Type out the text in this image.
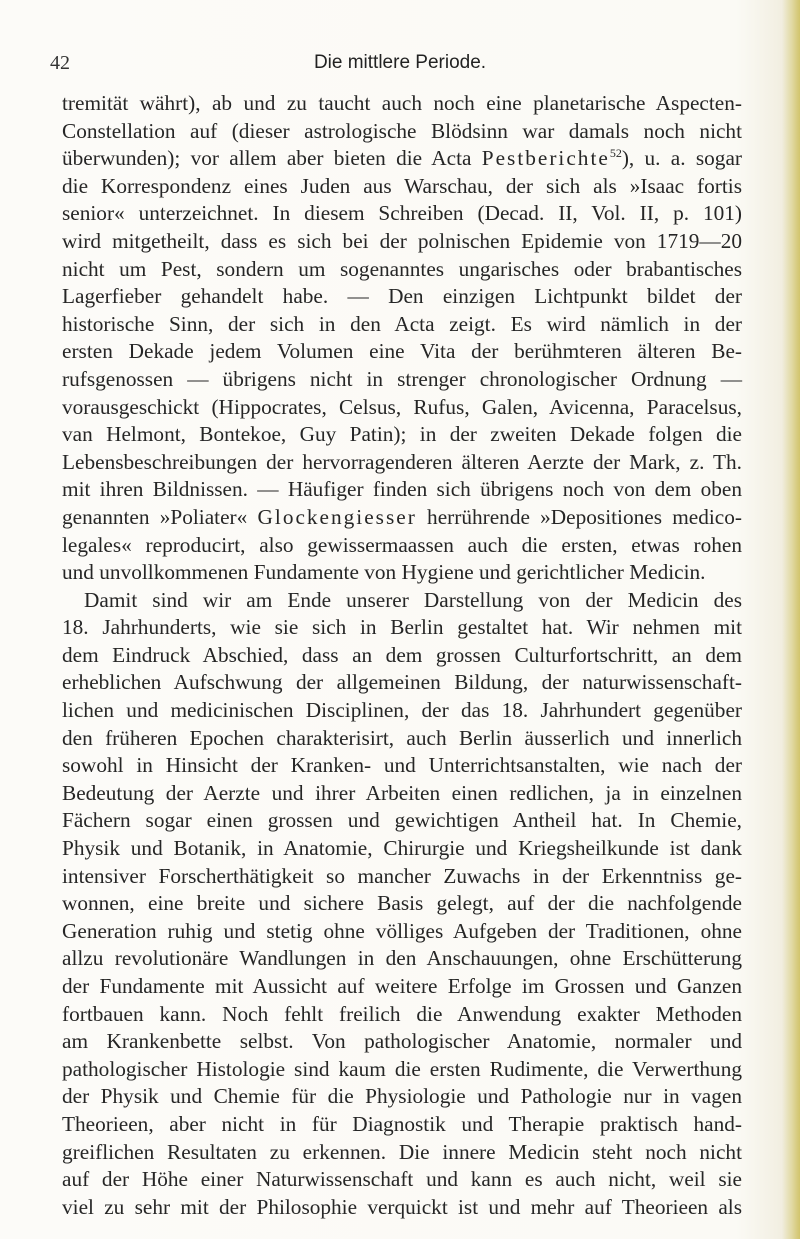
42	Die mittlere Periode.
tremität währt), ab und zu taucht auch noch eine planetarische Aspecten-
Constellation auf (dieser astrologische Blödsinn war damals noch nicht
überwunden); vor allem aber bieten die Acta Pestberichte$^{52}$), u. a. sogar
die Korrespondenz eines Juden aus Warschau, der sich als »Isaac fortis
senior« unterzeichnet. In diesem Schreiben (Decad. II, Vol. II, p. 101)
wird mitgetheilt, dass es sich bei der polnischen Epidemie von 1719—20
nicht um Pest, sondern um sogenanntes ungarisches oder brabantisches
Lagerfieber gehandelt habe. — Den einzigen Lichtpunkt bildet der
historische Sinn, der sich in den Acta zeigt. Es wird nämlich in der
ersten Dekade jedem Volumen eine Vita der berühmteren älteren Be-
rufsgenossen — übrigens nicht in strenger chronologischer Ordnung —
vorausgeschickt (Hippocrates, Celsus, Rufus, Galen, Avicenna, Paracelsus,
van Helmont, Bontekoe, Guy Patin); in der zweiten Dekade folgen die
Lebensbeschreibungen der hervorragenderen älteren Aerzte der Mark, z. Th.
mit ihren Bildnissen. — Häufiger finden sich übrigens noch von dem oben
genannten »Poliater« Glockengiesser herrührende »Depositiones medico-
legales« reproducirt, also gewissermaassen auch die ersten, etwas rohen
und unvollkommenen Fundamente von Hygiene und gerichtlicher Medicin.
Damit sind wir am Ende unserer Darstellung von der Medicin des
18. Jahrhunderts, wie sie sich in Berlin gestaltet hat. Wir nehmen mit
dem Eindruck Abschied, dass an dem grossen Culturfortschritt, an dem
erheblichen Aufschwung der allgemeinen Bildung, der naturwissenschaft-
lichen und medicinischen Disciplinen, der das 18. Jahrhundert gegenüber
den früheren Epochen charakterisirt, auch Berlin äusserlich und innerlich
sowohl in Hinsicht der Kranken- und Unterrichtsanstalten, wie nach der
Bedeutung der Aerzte und ihrer Arbeiten einen redlichen, ja in einzelnen
Fächern sogar einen grossen und gewichtigen Antheil hat. In Chemie,
Physik und Botanik, in Anatomie, Chirurgie und Kriegsheilkunde ist dank
intensiver Forscherthätigkeit so mancher Zuwachs in der Erkenntniss ge-
wonnen, eine breite und sichere Basis gelegt, auf der die nachfolgende
Generation ruhig und stetig ohne völliges Aufgeben der Traditionen, ohne
allzu revolutionäre Wandlungen in den Anschauungen, ohne Erschütterung
der Fundamente mit Aussicht auf weitere Erfolge im Grossen und Ganzen
fortbauen kann. Noch fehlt freilich die Anwendung exakter Methoden
am Krankenbette selbst. Von pathologischer Anatomie, normaler und
pathologischer Histologie sind kaum die ersten Rudimente, die Verwerthung
der Physik und Chemie für die Physiologie und Pathologie nur in vagen
Theorieen, aber nicht in für Diagnostik und Therapie praktisch hand-
greiflichen Resultaten zu erkennen. Die innere Medicin steht noch nicht
auf der Höhe einer Naturwissenschaft und kann es auch nicht, weil sie
viel zu sehr mit der Philosophie verquickt ist und mehr auf Theorieen als
